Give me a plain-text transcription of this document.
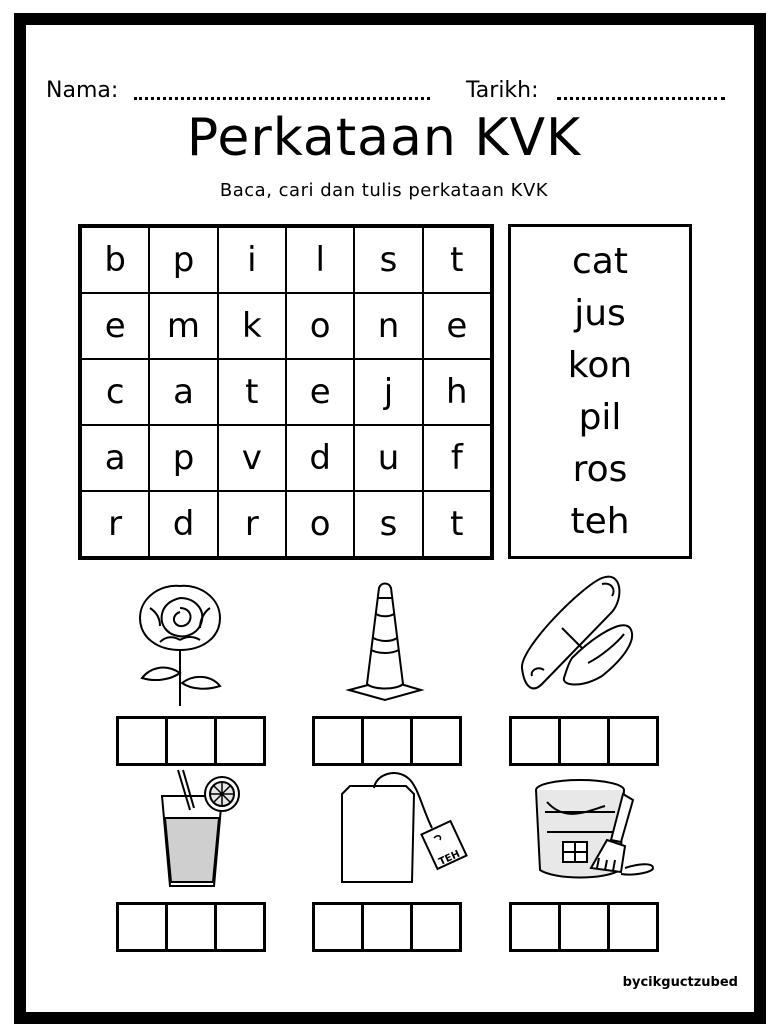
Nama:	Tarikh:
Perkataan KVK
Baca, cari dan tulis perkataan KVK
b	p	i	l	s	t
e	m	k	o	n	e
c	a	t	e	j	h
a	p	v	d	u	f
r	d	r	o	s	t
cat
jus
kon
pil
ros
teh
TEH
bycikguctzubed
